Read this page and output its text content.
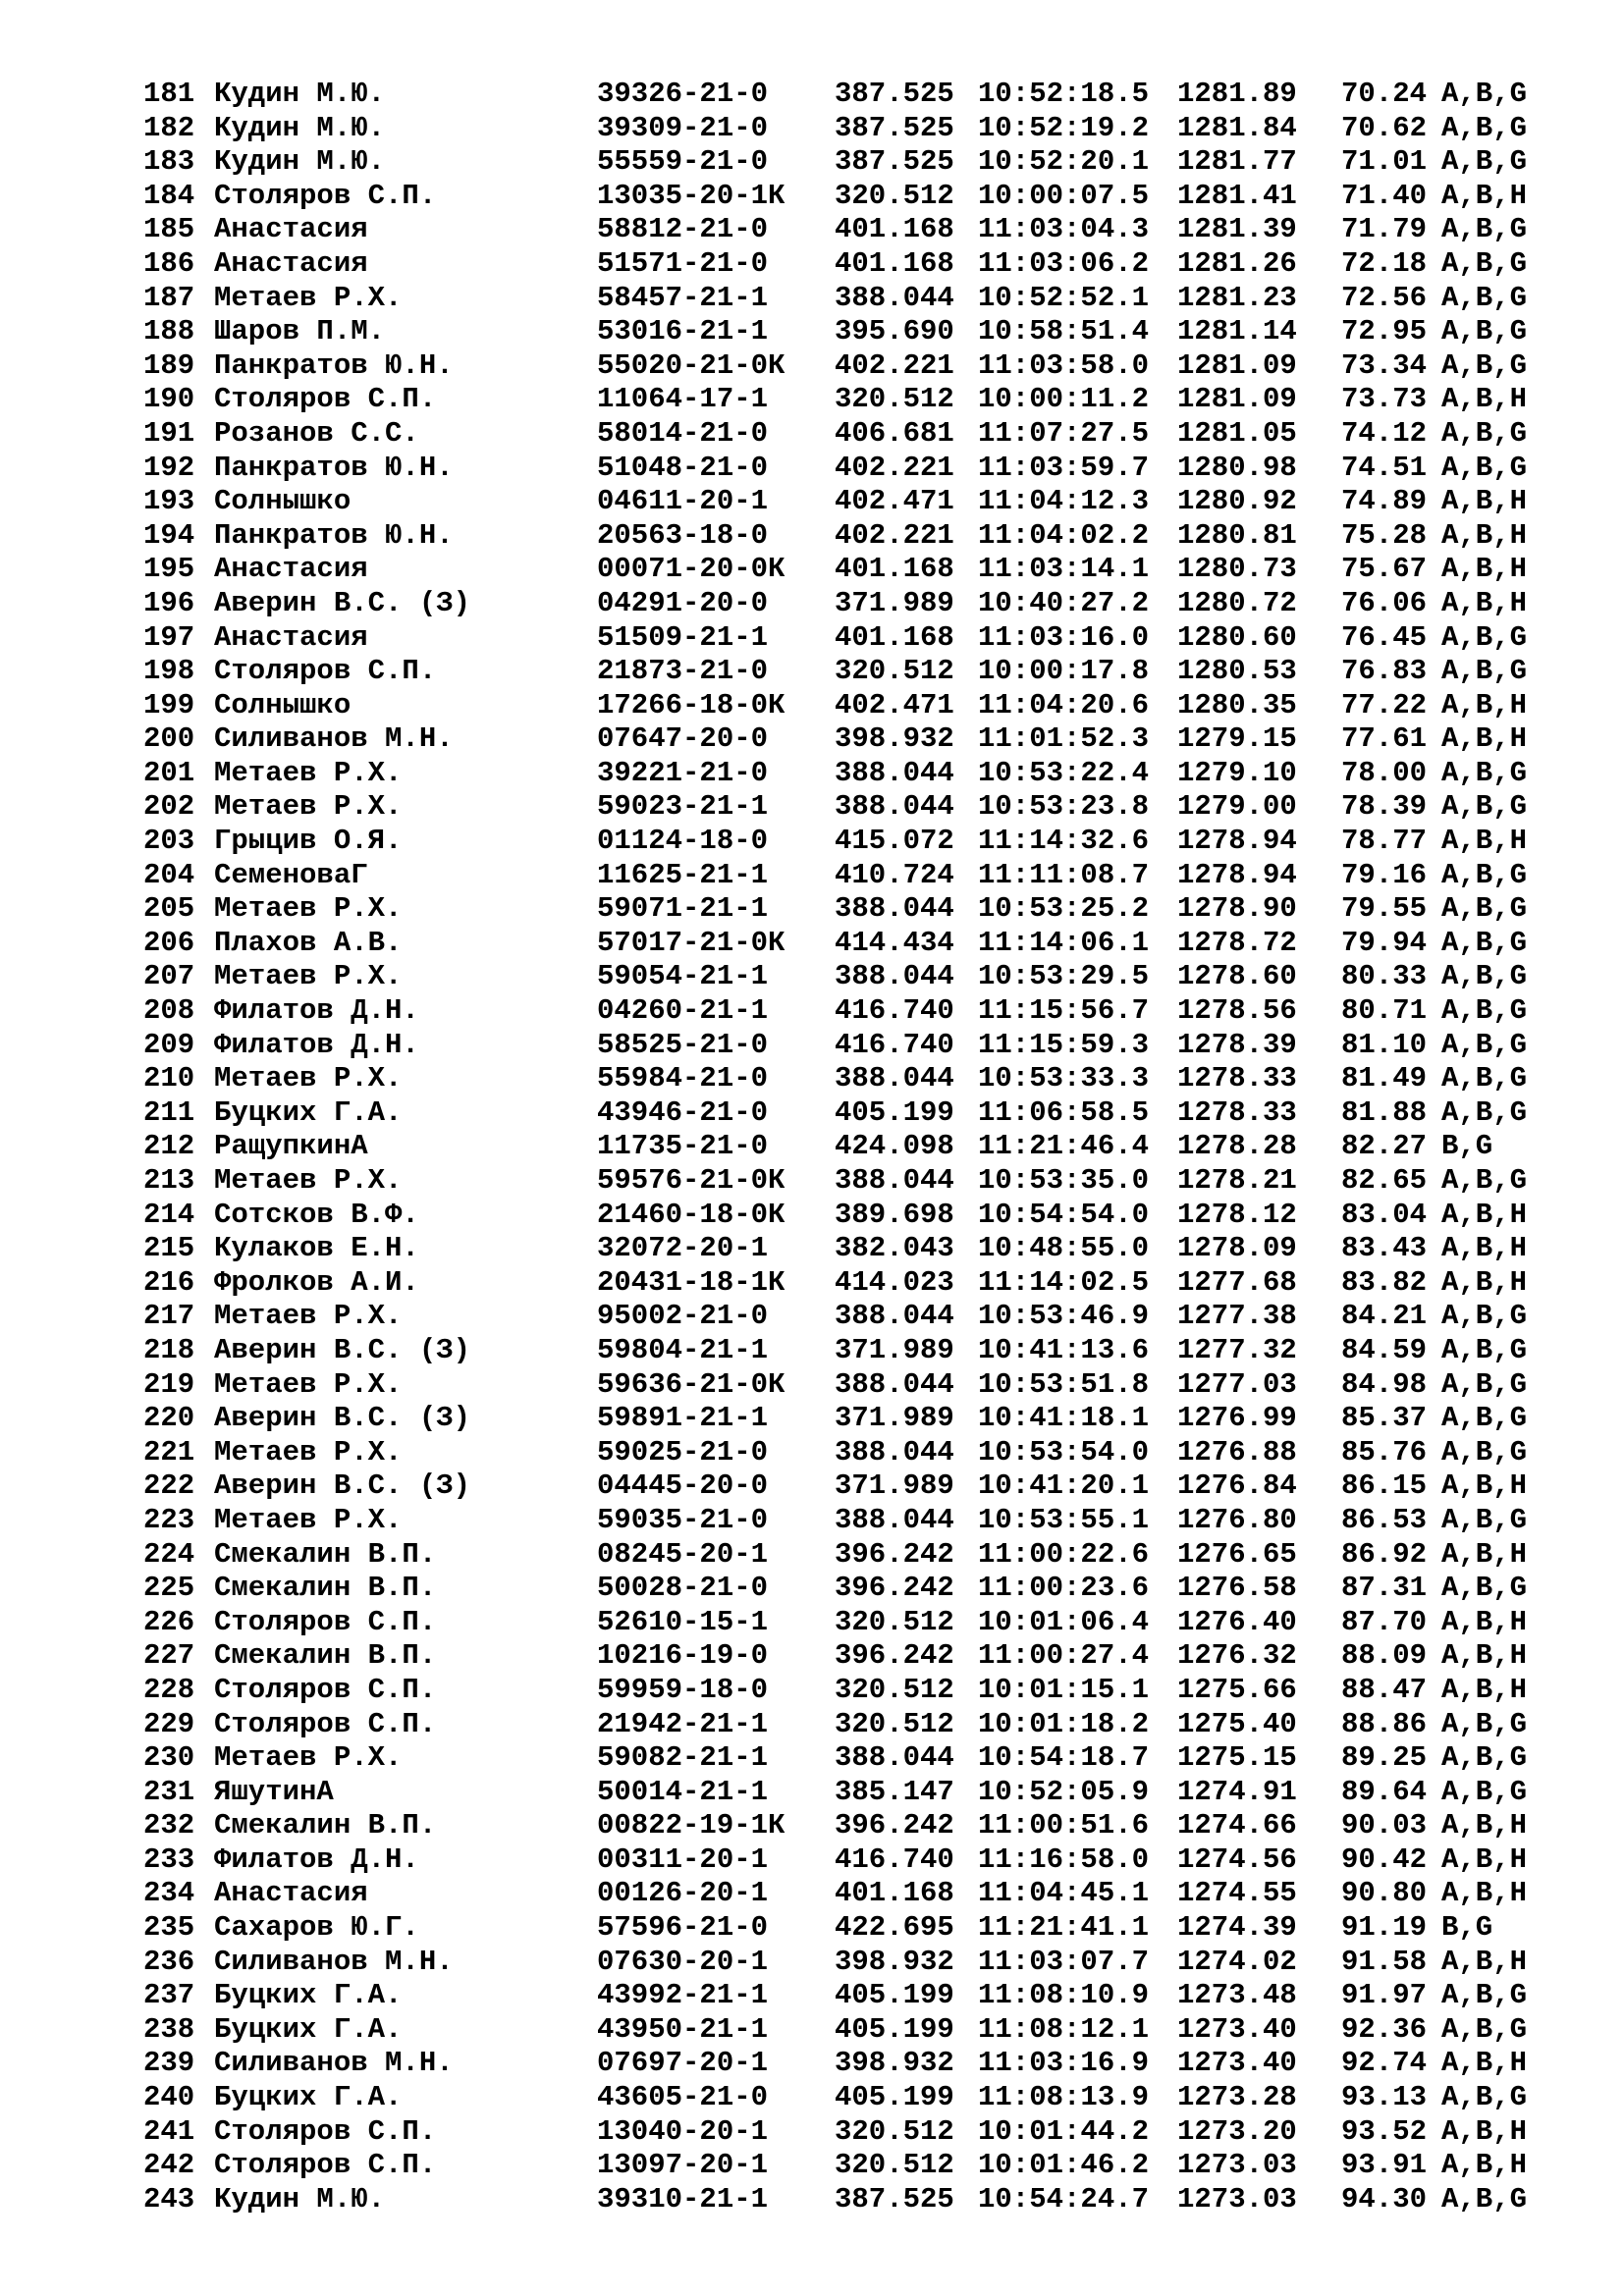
181 Кудин М.Ю.	39326-21-0	387.525 10:52:18.5 1281.89	70.24 A,B,G
182 Кудин М.Ю.	39309-21-0	387.525 10:52:19.2 1281.84	70.62 A,B,G
183 Кудин М.Ю.	55559-21-0	387.525 10:52:20.1 1281.77	71.01 A,B,G
184 Столяров С.П.	13035-20-1К	320.512 10:00:07.5 1281.41	71.40 A,B,H
185 Анастасия	58812-21-0	401.168 11:03:04.3 1281.39	71.79 A,B,G
186 Анастасия	51571-21-0	401.168 11:03:06.2 1281.26	72.18 A,B,G
187 Метаев Р.Х.	58457-21-1	388.044 10:52:52.1 1281.23	72.56 A,B,G
188 Шаров П.М.	53016-21-1	395.690 10:58:51.4 1281.14	72.95 A,B,G
189 Панкратов Ю.Н.	55020-21-0К	402.221 11:03:58.0 1281.09	73.34 A,B,G
190 Столяров С.П.	11064-17-1	320.512 10:00:11.2 1281.09	73.73 A,B,H
191 Розанов С.С.	58014-21-0	406.681 11:07:27.5 1281.05	74.12 A,B,G
192 Панкратов Ю.Н.	51048-21-0	402.221 11:03:59.7 1280.98	74.51 A,B,G
193 Солнышко	04611-20-1	402.471 11:04:12.3 1280.92	74.89 A,B,H
194 Панкратов Ю.Н.	20563-18-0	402.221 11:04:02.2 1280.81	75.28 A,B,H
195 Анастасия	00071-20-0К	401.168 11:03:14.1 1280.73	75.67 A,B,H
196 Аверин В.С. (З)	04291-20-0	371.989 10:40:27.2 1280.72	76.06 A,B,H
197 Анастасия	51509-21-1	401.168 11:03:16.0 1280.60	76.45 A,B,G
198 Столяров С.П.	21873-21-0	320.512 10:00:17.8 1280.53	76.83 A,B,G
199 Солнышко	17266-18-0К	402.471 11:04:20.6 1280.35	77.22 A,B,H
200 Силиванов М.Н.	07647-20-0	398.932 11:01:52.3 1279.15	77.61 A,B,H
201 Метаев Р.Х.	39221-21-0	388.044 10:53:22.4 1279.10	78.00 A,B,G
202 Метаев Р.Х.	59023-21-1	388.044 10:53:23.8 1279.00	78.39 A,B,G
203 Грыцив О.Я.	01124-18-0	415.072 11:14:32.6 1278.94	78.77 A,B,H
204 СеменоваГ	11625-21-1	410.724 11:11:08.7 1278.94	79.16 A,B,G
205 Метаев Р.Х.	59071-21-1	388.044 10:53:25.2 1278.90	79.55 A,B,G
206 Плахов А.В.	57017-21-0К	414.434 11:14:06.1 1278.72	79.94 A,B,G
207 Метаев Р.Х.	59054-21-1	388.044 10:53:29.5 1278.60	80.33 A,B,G
208 Филатов Д.Н.	04260-21-1	416.740 11:15:56.7 1278.56	80.71 A,B,G
209 Филатов Д.Н.	58525-21-0	416.740 11:15:59.3 1278.39	81.10 A,B,G
210 Метаев Р.Х.	55984-21-0	388.044 10:53:33.3 1278.33	81.49 A,B,G
211 Буцких Г.А.	43946-21-0	405.199 11:06:58.5 1278.33	81.88 A,B,G
212 РащупкинА	11735-21-0	424.098 11:21:46.4 1278.28	82.27 B,G
213 Метаев Р.Х.	59576-21-0К	388.044 10:53:35.0 1278.21	82.65 A,B,G
214 Сотсков В.Ф.	21460-18-0К	389.698 10:54:54.0 1278.12	83.04 A,B,H
215 Кулаков Е.Н.	32072-20-1	382.043 10:48:55.0 1278.09	83.43 A,B,H
216 Фролков А.И.	20431-18-1К	414.023 11:14:02.5 1277.68	83.82 A,B,H
217 Метаев Р.Х.	95002-21-0	388.044 10:53:46.9 1277.38	84.21 A,B,G
218 Аверин В.С. (З)	59804-21-1	371.989 10:41:13.6 1277.32	84.59 A,B,G
219 Метаев Р.Х.	59636-21-0К	388.044 10:53:51.8 1277.03	84.98 A,B,G
220 Аверин В.С. (З)	59891-21-1	371.989 10:41:18.1 1276.99	85.37 A,B,G
221 Метаев Р.Х.	59025-21-0	388.044 10:53:54.0 1276.88	85.76 A,B,G
222 Аверин В.С. (З)	04445-20-0	371.989 10:41:20.1 1276.84	86.15 A,B,H
223 Метаев Р.Х.	59035-21-0	388.044 10:53:55.1 1276.80	86.53 A,B,G
224 Смекалин В.П.	08245-20-1	396.242 11:00:22.6 1276.65	86.92 A,B,H
225 Смекалин В.П.	50028-21-0	396.242 11:00:23.6 1276.58	87.31 A,B,G
226 Столяров С.П.	52610-15-1	320.512 10:01:06.4 1276.40	87.70 A,B,H
227 Смекалин В.П.	10216-19-0	396.242 11:00:27.4 1276.32	88.09 A,B,H
228 Столяров С.П.	59959-18-0	320.512 10:01:15.1 1275.66	88.47 A,B,H
229 Столяров С.П.	21942-21-1	320.512 10:01:18.2 1275.40	88.86 A,B,G
230 Метаев Р.Х.	59082-21-1	388.044 10:54:18.7 1275.15	89.25 A,B,G
231 ЯшутинА	50014-21-1	385.147 10:52:05.9 1274.91	89.64 A,B,G
232 Смекалин В.П.	00822-19-1К	396.242 11:00:51.6 1274.66	90.03 A,B,H
233 Филатов Д.Н.	00311-20-1	416.740 11:16:58.0 1274.56	90.42 A,B,H
234 Анастасия	00126-20-1	401.168 11:04:45.1 1274.55	90.80 A,B,H
235 Сахаров Ю.Г.	57596-21-0	422.695 11:21:41.1 1274.39	91.19 B,G
236 Силиванов М.Н.	07630-20-1	398.932 11:03:07.7 1274.02	91.58 A,B,H
237 Буцких Г.А.	43992-21-1	405.199 11:08:10.9 1273.48	91.97 A,B,G
238 Буцких Г.А.	43950-21-1	405.199 11:08:12.1 1273.40	92.36 A,B,G
239 Силиванов М.Н.	07697-20-1	398.932 11:03:16.9 1273.40	92.74 A,B,H
240 Буцких Г.А.	43605-21-0	405.199 11:08:13.9 1273.28	93.13 A,B,G
241 Столяров С.П.	13040-20-1	320.512 10:01:44.2 1273.20	93.52 A,B,H
242 Столяров С.П.	13097-20-1	320.512 10:01:46.2 1273.03	93.91 A,B,H
243 Кудин М.Ю.	39310-21-1	387.525 10:54:24.7 1273.03	94.30 A,B,G
